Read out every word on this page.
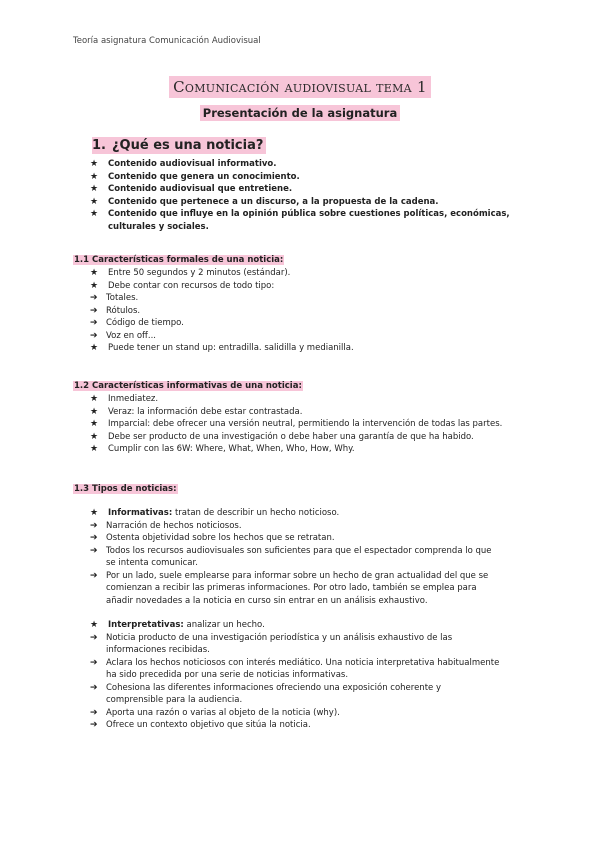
Teoría asignatura Comunicación Audiovisual
Comunicación audiovisual tema 1
Presentación de la asignatura
1. ¿Qué es una noticia?
★ Contenido audiovisual informativo.
★ Contenido que genera un conocimiento.
★ Contenido audiovisual que entretiene.
★ Contenido que pertenece a un discurso, a la propuesta de la cadena.
★ Contenido que influye en la opinión pública sobre cuestiones políticas, económicas, culturales y sociales.
1.1 Características formales de una noticia:
★ Entre 50 segundos y 2 minutos (estándar).
★ Debe contar con recursos de todo tipo:
➔ Totales.
➔ Rótulos.
➔ Código de tiempo.
➔ Voz en off...
★ Puede tener un stand up: entradilla. salidilla y medianilla.
1.2 Características informativas de una noticia:
★ Inmediatez.
★ Veraz: la información debe estar contrastada.
★ Imparcial: debe ofrecer una versión neutral, permitiendo la intervención de todas las partes.
★ Debe ser producto de una investigación o debe haber una garantía de que ha habido.
★ Cumplir con las 6W: Where, What, When, Who, How, Why.
1.3 Tipos de noticias:
★ Informativas: tratan de describir un hecho noticioso.
➔ Narración de hechos noticiosos.
➔ Ostenta objetividad sobre los hechos que se retratan.
➔ Todos los recursos audiovisuales son suficientes para que el espectador comprenda lo que se intenta comunicar.
➔ Por un lado, suele emplearse para informar sobre un hecho de gran actualidad del que se comienzan a recibir las primeras informaciones. Por otro lado, también se emplea para añadir novedades a la noticia en curso sin entrar en un análisis exhaustivo.
★ Interpretativas: analizar un hecho.
➔ Noticia producto de una investigación periodística y un análisis exhaustivo de las informaciones recibidas.
➔ Aclara los hechos noticiosos con interés mediático. Una noticia interpretativa habitualmente ha sido precedida por una serie de noticias informativas.
➔ Cohesiona las diferentes informaciones ofreciendo una exposición coherente y comprensible para la audiencia.
➔ Aporta una razón o varias al objeto de la noticia (why).
➔ Ofrece un contexto objetivo que sitúa la noticia.
